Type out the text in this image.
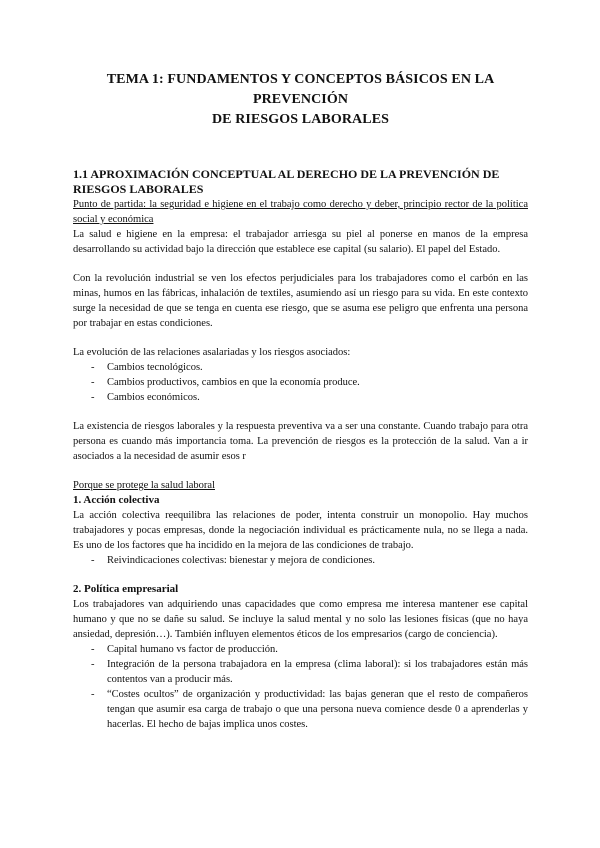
TEMA 1: FUNDAMENTOS Y CONCEPTOS BÁSICOS EN LA PREVENCIÓN
DE RIESGOS LABORALES
1.1 APROXIMACIÓN CONCEPTUAL AL DERECHO DE LA PREVENCIÓN DE RIESGOS LABORALES

Punto de partida: la seguridad e higiene en el trabajo como derecho y deber, principio rector de la política social y económica

La salud e higiene en la empresa: el trabajador arriesga su piel al ponerse en manos de la empresa desarrollando su actividad bajo la dirección que establece ese capital (su salario). El papel del Estado.

Con la revolución industrial se ven los efectos perjudiciales para los trabajadores como el carbón en las minas, humos en las fábricas, inhalación de textiles, asumiendo así un riesgo para su vida. En este contexto surge la necesidad de que se tenga en cuenta ese riesgo, que se asuma ese peligro que enfrenta una persona por trabajar en estas condiciones.

La evolución de las relaciones asalariadas y los riesgos asociados:

- Cambios tecnológicos.
- Cambios productivos, cambios en que la economía produce.
- Cambios económicos.

La existencia de riesgos laborales y la respuesta preventiva va a ser una constante. Cuando trabajo para otra persona es cuando más importancia toma. La prevención de riesgos es la protección de la salud. Van a ir asociados a la necesidad de asumir esos r

Porque se protege la salud laboral

1. Acción colectiva

La acción colectiva reequilibra las relaciones de poder, intenta construir un monopolio. Hay muchos trabajadores y pocas empresas, donde la negociación individual es prácticamente nula, no se llega a nada. Es uno de los factores que ha incidido en la mejora de las condiciones de trabajo.

- Reivindicaciones colectivas: bienestar y mejora de condiciones.
2. Política empresarial

Los trabajadores van adquiriendo unas capacidades que como empresa me interesa mantener ese capital humano y que no se dañe su salud. Se incluye la salud mental y no solo las lesiones físicas (que no haya ansiedad, depresión…). También influyen elementos éticos de los empresarios (cargo de conciencia).

- Capital humano vs factor de producción.
- Integración de la persona trabajadora en la empresa (clima laboral): si los trabajadores están más contentos van a producir más.
- “Costes ocultos” de organización y productividad: las bajas generan que el resto de compañeros tengan que asumir esa carga de trabajo o que una persona nueva comience desde 0 a aprenderlas y hacerlas. El hecho de bajas implica unos costes.
